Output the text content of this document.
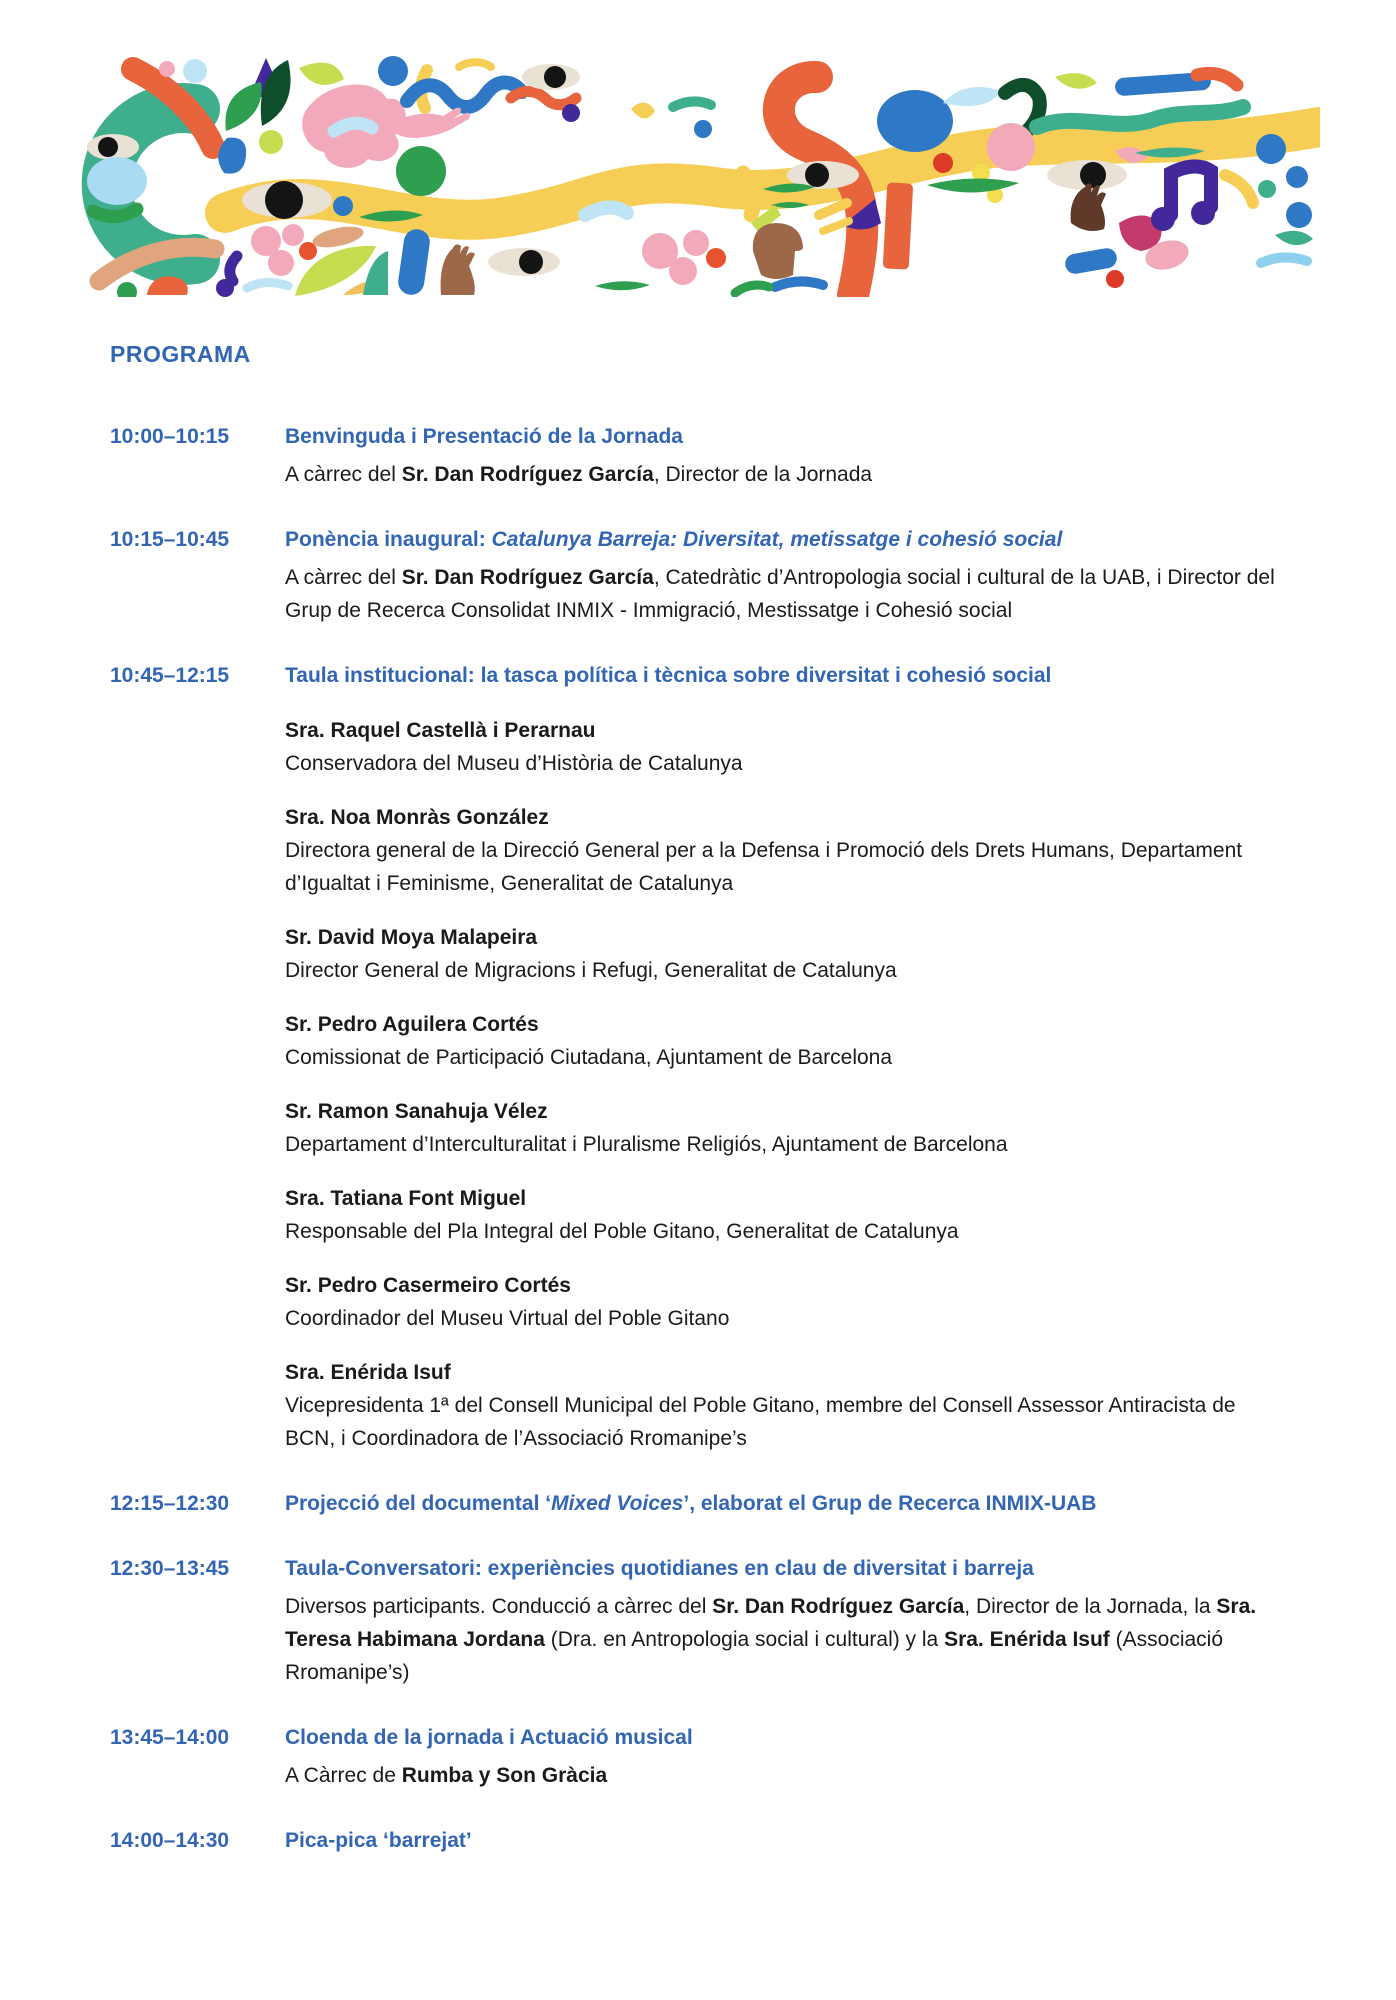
PROGRAMA
10:00–10:15	Benvinguda i Presentació de la Jornada

A càrrec del Sr. Dan Rodríguez García, Director de la Jornada

10:15–10:45	Ponència inaugural: Catalunya Barreja: Diversitat, metissatge i cohesió social

A càrrec del Sr. Dan Rodríguez García, Catedràtic d’Antropologia social i cultural de la UAB, i Director del Grup de Recerca Consolidat INMIX - Immigració, Mestissatge i Cohesió social

10:45–12:15	Taula institucional: la tasca política i tècnica sobre diversitat i cohesió social
Sra. Raquel Castellà i Perarnau
Conservadora del Museu d’Història de Catalunya
Sra. Noa Monràs González
Directora general de la Direcció General per a la Defensa i Promoció dels Drets Humans, Departament d’Igualtat i Feminisme, Generalitat de Catalunya
Sr. David Moya Malapeira
Director General de Migracions i Refugi, Generalitat de Catalunya
Sr. Pedro Aguilera Cortés
Comissionat de Participació Ciutadana, Ajuntament de Barcelona
Sr. Ramon Sanahuja Vélez
Departament d’Interculturalitat i Pluralisme Religiós, Ajuntament de Barcelona
Sra. Tatiana Font Miguel
Responsable del Pla Integral del Poble Gitano, Generalitat de Catalunya
Sr. Pedro Casermeiro Cortés
Coordinador del Museu Virtual del Poble Gitano
Sra. Enérida Isuf
Vicepresidenta 1ª del Consell Municipal del Poble Gitano, membre del Consell Assessor Antiracista de BCN, i Coordinadora de l’Associació Rromanipe’s
12:15–12:30	Projecció del documental ‘Mixed Voices’, elaborat el Grup de Recerca INMIX-UAB
12:30–13:45	Taula-Conversatori: experiències quotidianes en clau de diversitat i barreja

Diversos participants. Conducció a càrrec del Sr. Dan Rodríguez García, Director de la Jornada, la Sra. Teresa Habimana Jordana (Dra. en Antropologia social i cultural) y la Sra. Enérida Isuf (Associació Rromanipe’s)

13:45–14:00	Cloenda de la jornada i Actuació musical

A Càrrec de Rumba y Son Gràcia

14:00–14:30	Pica-pica ‘barrejat’
